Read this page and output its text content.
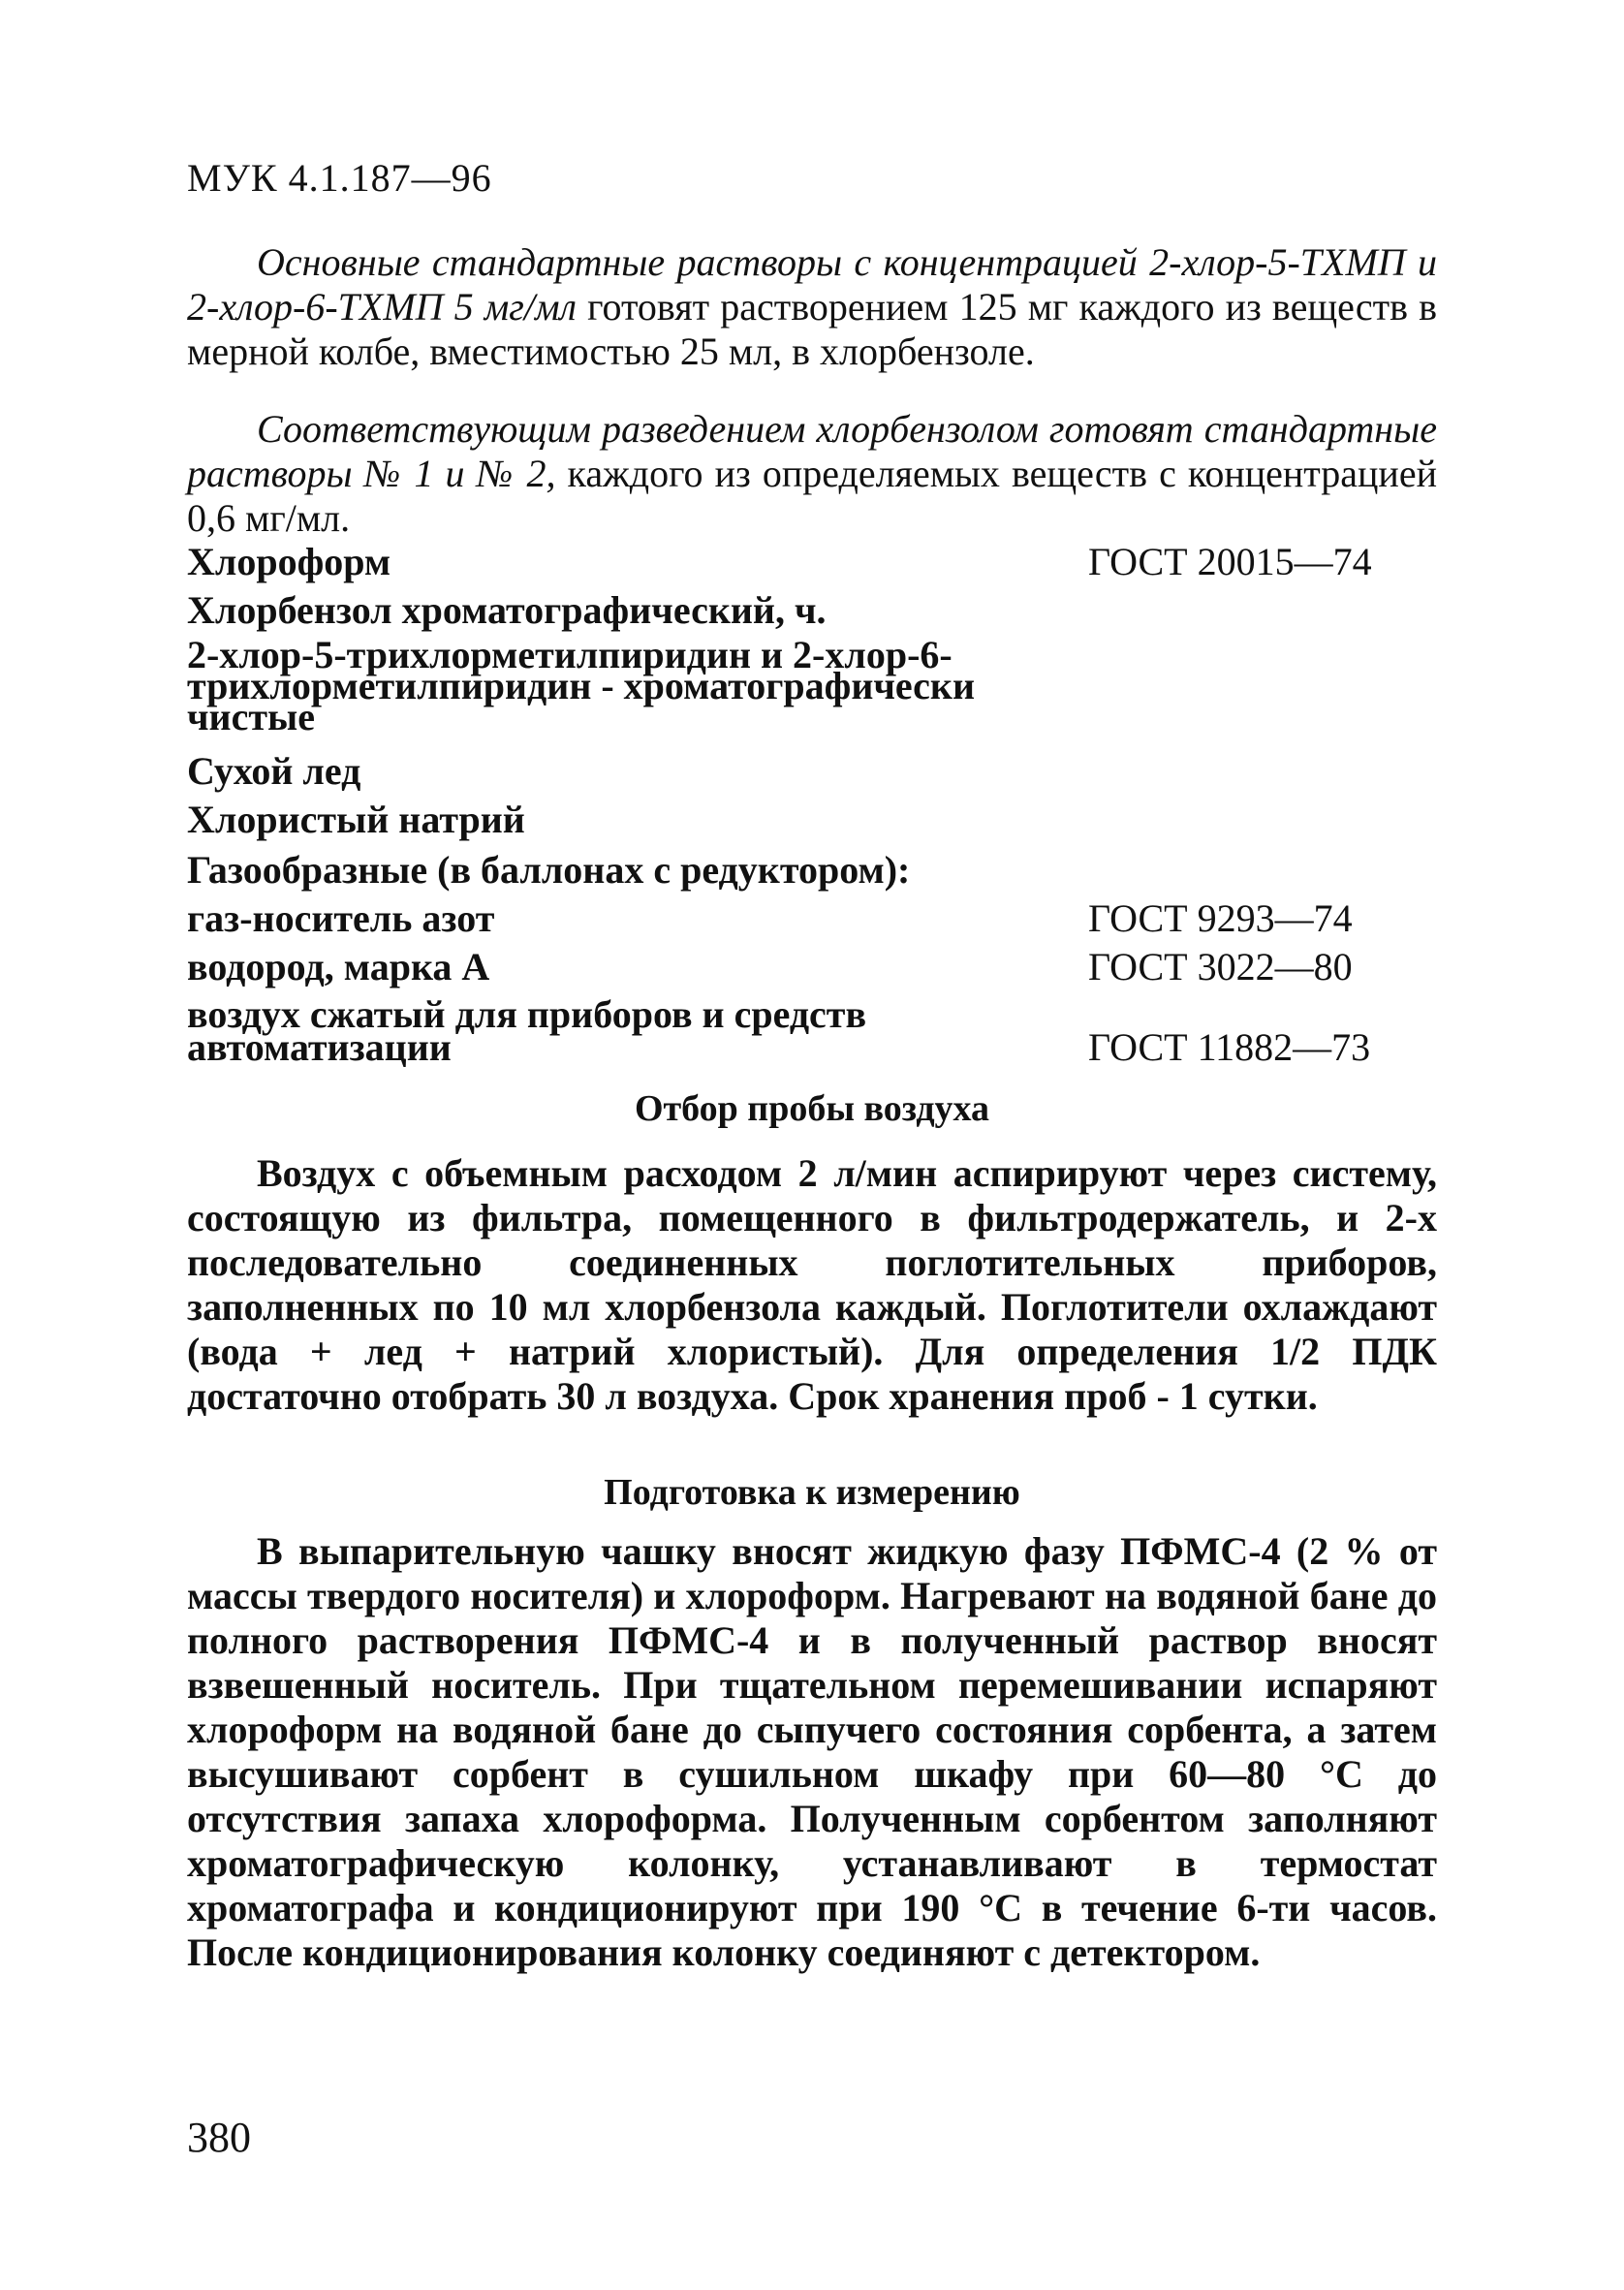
МУК 4.1.187—96
Основные стандартные растворы с концентрацией 2-хлор-5-ТХМП и 2-хлор-6-ТХМП 5 мг/мл готовят растворением 125 мг каждого из веществ в мерной колбе, вместимостью 25 мл, в хлорбензоле.
Соответствующим разведением хлорбензолом готовят стандартные растворы № 1 и № 2, каждого из определяемых веществ с концентрацией 0,6 мг/мл.
Хлороформ	ГОСТ 20015—74
Хлорбензол хроматографический, ч.
2-хлор-5-трихлорметилпиридин и 2-хлор-6-трихлорметилпиридин - хроматографически чистые
Сухой лед
Хлористый натрий
Газообразные (в баллонах с редуктором):
газ-носитель азот	ГОСТ 9293—74
водород, марка А	ГОСТ 3022—80
воздух сжатый для приборов и средств автоматизации	ГОСТ 11882—73
Отбор пробы воздуха
Воздух с объемным расходом 2 л/мин аспирируют через систему, состоящую из фильтра, помещенного в фильтродержатель, и 2-х последовательно соединенных поглотительных приборов, заполненных по 10 мл хлорбензола каждый. Поглотители охлаждают (вода + лед + натрий хлористый). Для определения 1/2 ПДК достаточно отобрать 30 л воздуха. Срок хранения проб - 1 сутки.
Подготовка к измерению
В выпарительную чашку вносят жидкую фазу ПФМС-4 (2 % от массы твердого носителя) и хлороформ. Нагревают на водяной бане до полного растворения ПФМС-4 и в полученный раствор вносят взвешенный носитель. При тщательном перемешивании испаряют хлороформ на водяной бане до сыпучего состояния сорбента, а затем высушивают сорбент в сушильном шкафу при 60—80 °С до отсутствия запаха хлороформа. Полученным сорбентом заполняют хроматографическую колонку, устанавливают в термостат хроматографа и кондиционируют при 190 °С в течение 6-ти часов. После кондиционирования колонку соединяют с детектором.
380
